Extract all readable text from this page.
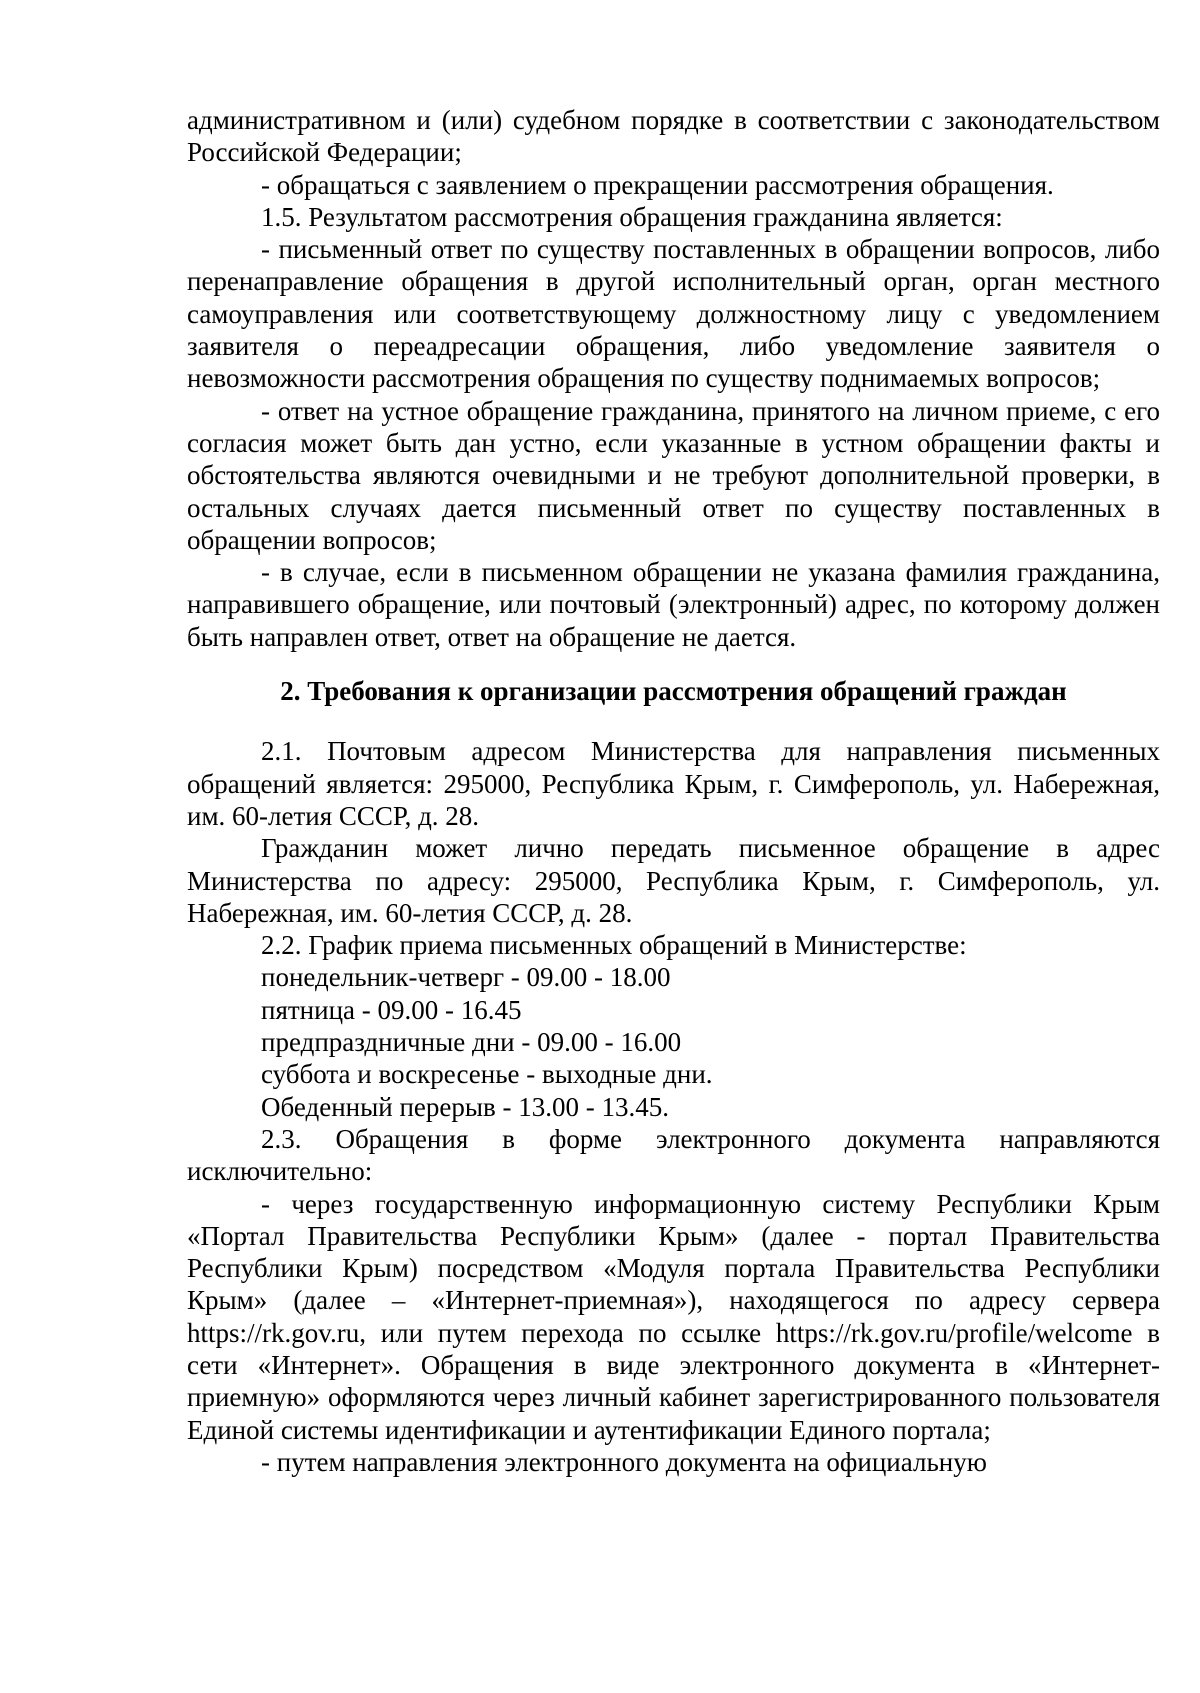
административном и (или) судебном порядке в соответствии с законодательством Российской Федерации;

- обращаться с заявлением о прекращении рассмотрения обращения.

1.5. Результатом рассмотрения обращения гражданина является:

- письменный ответ по существу поставленных в обращении вопросов, либо перенаправление обращения в другой исполнительный орган, орган местного самоуправления или соответствующему должностному лицу с уведомлением заявителя о переадресации обращения, либо уведомление заявителя о невозможности рассмотрения обращения по существу поднимаемых вопросов;

- ответ на устное обращение гражданина, принятого на личном приеме, с его согласия может быть дан устно, если указанные в устном обращении факты и обстоятельства являются очевидными и не требуют дополнительной проверки, в остальных случаях дается письменный ответ по существу поставленных в обращении вопросов;

- в случае, если в письменном обращении не указана фамилия гражданина, направившего обращение, или почтовый (электронный) адрес, по которому должен быть направлен ответ, ответ на обращение не дается.

2. Требования к организации рассмотрения обращений граждан

2.1. Почтовым адресом Министерства для направления письменных обращений является: 295000, Республика Крым, г. Симферополь, ул. Набережная, им. 60-летия СССР, д. 28.

Гражданин может лично передать письменное обращение в адрес Министерства по адресу: 295000, Республика Крым, г. Симферополь, ул. Набережная, им. 60-летия СССР, д. 28.

2.2. График приема письменных обращений в Министерстве:

понедельник-четверг - 09.00 - 18.00

пятница - 09.00 - 16.45

предпраздничные дни - 09.00 - 16.00

суббота и воскресенье - выходные дни.

Обеденный перерыв - 13.00 - 13.45.

2.3. Обращения в форме электронного документа направляются исключительно:

- через государственную информационную систему Республики Крым «Портал Правительства Республики Крым» (далее - портал Правительства Республики Крым) посредством «Модуля портала Правительства Республики Крым» (далее – «Интернет-приемная»), находящегося по адресу сервера https://rk.gov.ru, или путем перехода по ссылке https://rk.gov.ru/profile/welcome в сети «Интернет». Обращения в виде электронного документа в «Интернет-приемную» оформляются через личный кабинет зарегистрированного пользователя Единой системы идентификации и аутентификации Единого портала;

- путем направления электронного документа на официальную
